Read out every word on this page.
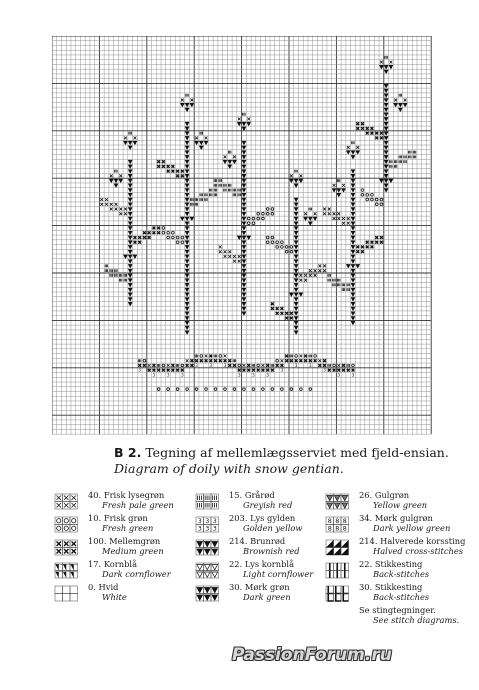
3
3	3	3
3	3	3
3	3	3
3
3	3
3
3	3
B 2. Tegning af mellemlægsserviet med fjeld-ensian.
Diagram of doily with snow gentian.
40. Frisk lysegrøn
Fresh pale green
10. Frisk grøn
Fresh green
100. Mellemgrøn
Medium green
17. Kornblå
Dark cornflower
0. Hvid
White
15. Grårød
Greyish red
3 3 3
3 3 3
203. Lys gylden
Golden yellow
214. Brunrød
Brownish red
22. Lys kornblå
Light cornflower
30. Mørk grøn
Dark green
26. Gulgrøn
Yellow green
8 8 8
8 8 8
34. Mørk gulgrøn
Dark yellow green
214. Halverede korssting
Halved cross-stitches
22. Stikkesting
Back-stitches
30. Stikkesting
Back-stitches
Se stingtegninger.
See stitch diagrams.
PassionForum.ru
